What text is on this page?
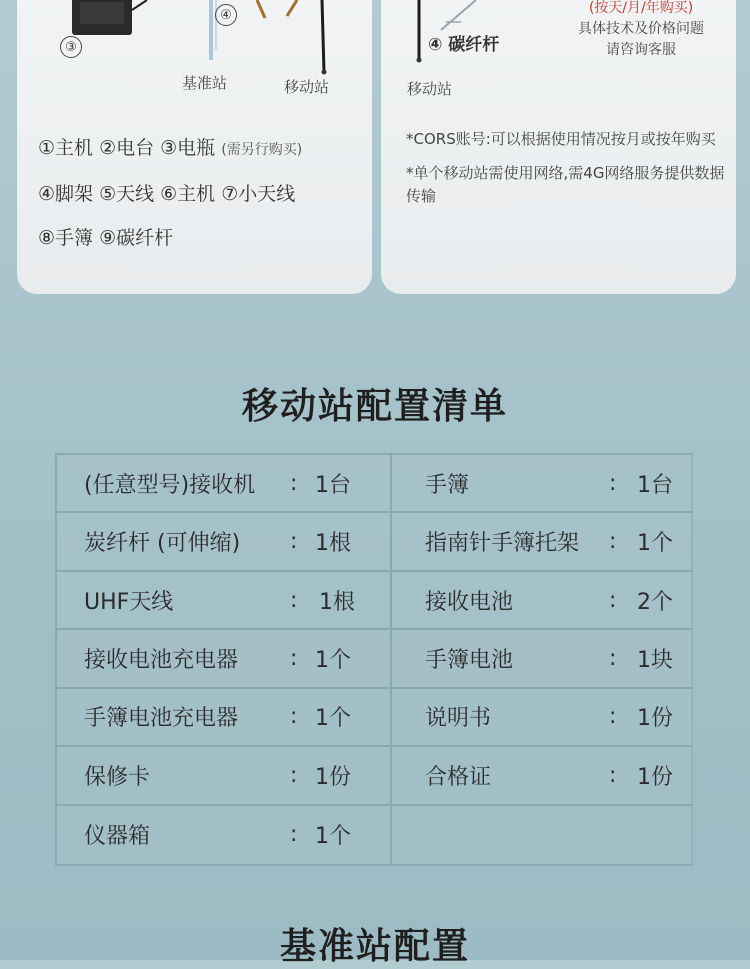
③
④
基准站	移动站
①主机 ②电台 ③电瓶 (需另行购买)
④脚架 ⑤天线 ⑥主机 ⑦小天线
⑧手簿 ⑨碳纤杆
④ 碳纤杆
移动站
(按天/月/年购买)
具体技术及价格问题
请咨询客服

*CORS账号:可以根据使用情况按月或按年购买

*单个移动站需使用网络,需4G网络服务提供数据传输

移动站配置清单
(任意型号)接收机 : 1台	手簿	: 1台
炭纤杆 (可伸缩) : 1根	指南针手簿托架 : 1个
UHF天线	: 1根	接收电池	: 2个
接收电池充电器 : 1个	手簿电池	: 1块
手簿电池充电器 : 1个	说明书	: 1份
保修卡	: 1份	合格证	: 1份
仪器箱	: 1个
基准站配置
